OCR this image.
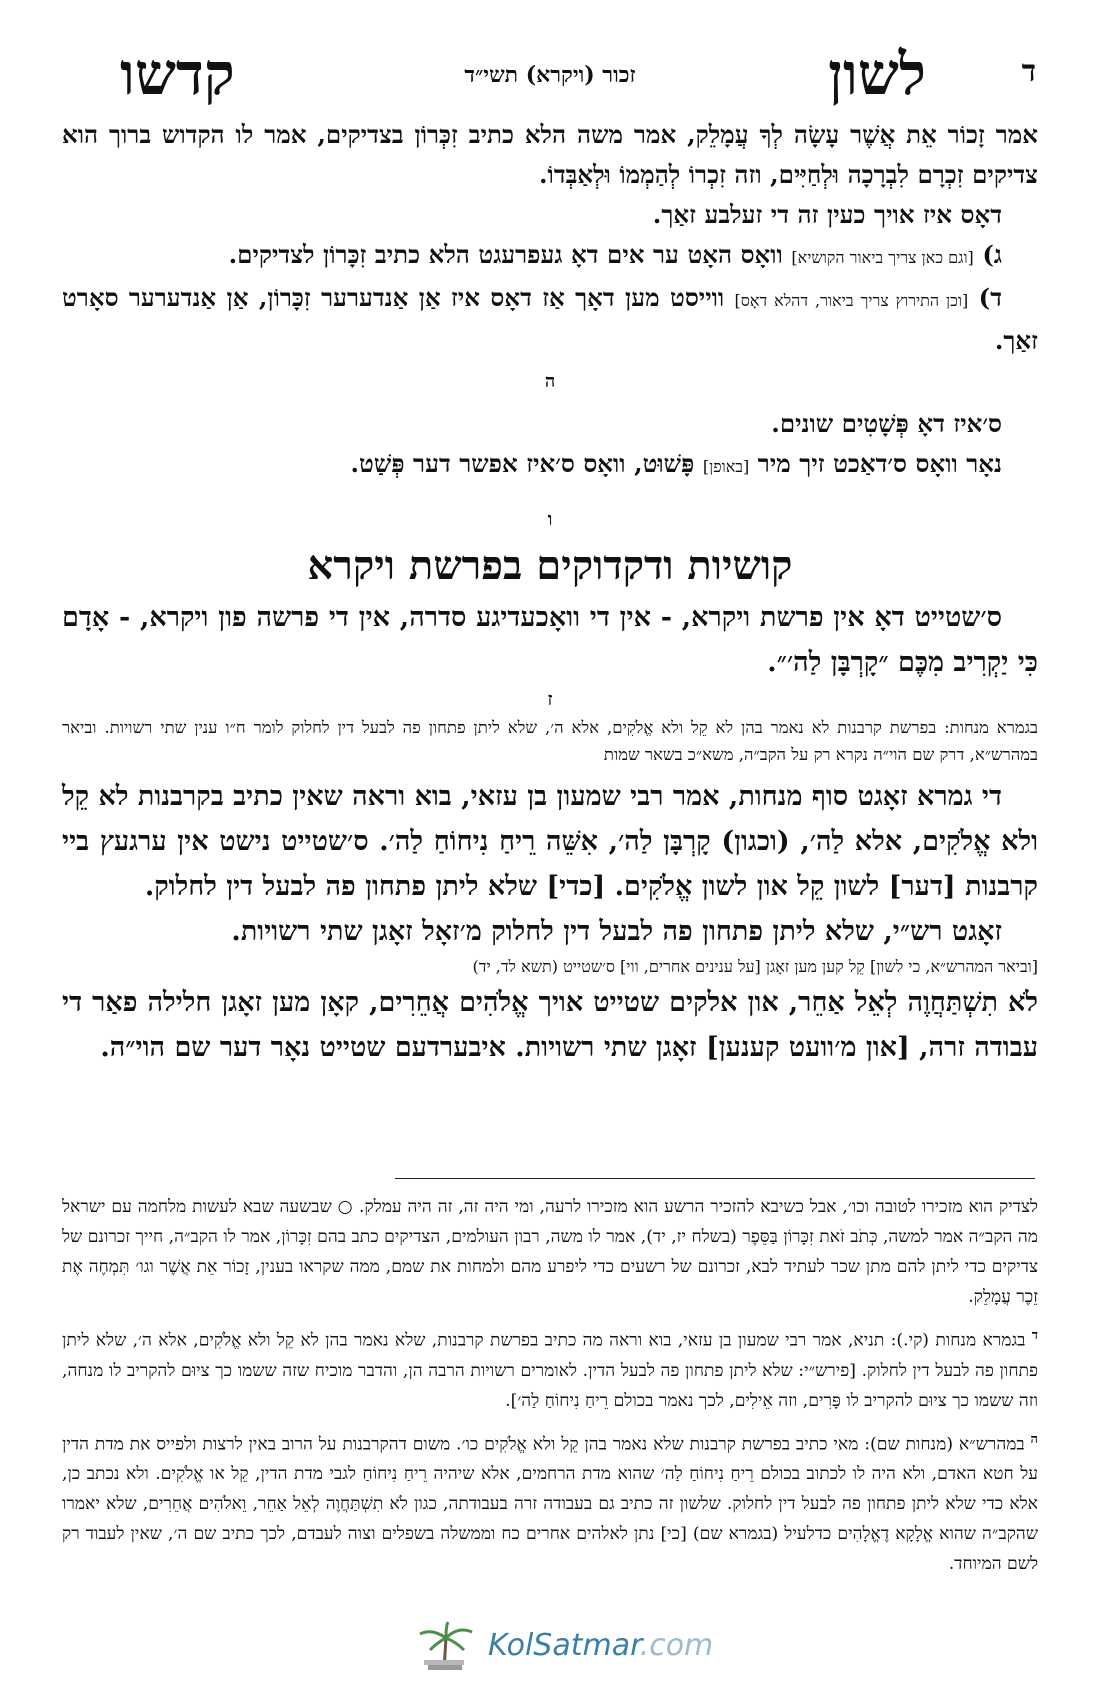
ד
לשון
זכור (ויקרא) תשי״ד
קדשו

אמר זָכוֹר אֵת אֲשֶׁר עָשָׂה לְךָ עֲמָלֵק, אמר משה הלא כתיב זִכְּרוֹן בצדיקים, אמר לו הקדוש ברוך הוא צדיקים זִכְרָם לִבְרָכָה וּלְחַיִּים, וזה זִכְרוֹ לְהַמְמוֹ וּלְאַבְּדוֹ.

דאָס איז אויך כעין זה די זעלבע זאַך.

ג) [וגם כאן צריך ביאור הקושיא] וואָס האָט ער אים דאָ געפרעגט הלא כתיב זִכָּרוֹן לצדיקים.

ד) [וכן התירוץ צריך ביאור, דהלא דאָס] ווייסט מען דאָך אַז דאָס איז אַן אַנדערער זִכָּרוֹן, אַן אַנדערער סאָרט זאַך.

ה

ס׳איז דאָ פְּשָׁטִים שונים.

נאָר וואָס ס׳דאַכט זיך מיר [באופן] פָּשׁוּט, וואָס ס׳איז אפשר דער פְּשַׁט.

ו
קושיות ודקדוקים בפרשת ויקרא

ס׳שטייט דאָ אין פרשת ויקרא, - אין די וואָכעדיגע סדרה, אין די פרשה פון ויקרא, - אָדָם כִּי יַקְרִיב מִכֶּם ״קָרְבָּן לַה׳״.

ז
בגמרא מנחות: בפרשת קרבנות לא נאמר בהן לא קֵל ולא אֱלֹקִים, אלא ה׳, שלא ליתן פתחון פה לבעל דין לחלוק לומר ח״ו ענין שתי רשויות. וביאר במהרש״א, דרק שם הוי״ה נקרא רק על הקב״ה, משא״כ בשאר שמות

די גמרא זאָגט סוף מנחות, אמר רבי שמעון בן עזאי, בוא וראה שאין כתיב בקרבנות לא קֵל ולא אֱלֹקִים, אלא לַה׳, (וכגון) קָרְבָּן לַה׳, אִשֵּׁה רֵיחַ נִיחוֹחַ לַה׳. ס׳שטייט נישט אין ערגעץ ביי קרבנות [דער] לשון קֵל און לשון אֱלֹקִים. [כדי] שלא ליתן פתחון פה לבעל דין לחלוק.

זאָגט רש״י, שלא ליתן פתחון פה לבעל דין לחלוק מ׳זאָל זאָגן שתי רשויות.

[וביאר המהרש״א, כי לשון] קֵל קען מען זאָגן [על ענינים אחרים, ווי] ס׳שטייט (תשא לד, יד)

לֹא תִשְׁתַּחֲוֶה לְאֵל אַחֵר, און אלקים שטייט אויך אֱלֹהִים אֲחֵרִים, קאָן מען זאָגן חלילה פאַר די עבודה זרה, [און מ׳וועט קענען] זאָגן שתי רשויות. איבערדעם שטייט נאָר דער שם הוי״ה.

לצדיק הוא מזכירו לטובה וכו׳, אבל כשיבא להזכיר הרשע הוא מזכירו לרעה, ומי היה זה, זה היה עמלק. ○ שבשעה שבא לעשות מלחמה עם ישראל מה הקב״ה אמר למשה, כְּתֹב זֹאת זִכָּרוֹן בַּסֵּפֶר (בשלח יז, יד), אמר לו משה, רבון העולמים, הצדיקים כתב בהם זִכָּרוֹן, אמר לו הקב״ה, חייך זכרונם של צדיקים כדי ליתן להם מתן שכר לעתיד לבא, זכרונם של רשעים כדי ליפרע מהם ולמחות את שמם, ממה שקראו בענין, זָכוֹר אֵת אֲשֶׁר וגו׳ תִּמְחֶה אֶת זֵכֶר עֲמָלֵק.

$^ד$ בגמרא מנחות (קי.): תניא, אמר רבי שמעון בן עזאי, בוא וראה מה כתיב בפרשת קרבנות, שלא נאמר בהן לא קֵל ולא אֱלֹקִים, אלא ה׳, שלא ליתן פתחון פה לבעל דין לחלוק. [פירש״י: שלא ליתן פתחון פה לבעל הדין. לאומרים רשויות הרבה הן, והדבר מוכיח שזה ששמו כך ציוּם להקריב לו מנחה, וזה ששמו כך ציוּם להקריב לו פָּרִים, וזה אֵילִים, לכך נאמר בכולם רֵיחַ נִיחוֹחַ לַה׳].

$^ה$ במהרש״א (מנחות שם): מאי כתיב בפרשת קרבנות שלא נאמר בהן קֵל ולא אֱלֹקִים כו׳. משום דהקרבנות על הרוב באין לרצות ולפייס את מדת הדין על חטא האדם, ולא היה לו לכתוב בכולם רֵיחַ נִיחוֹחַ לַה׳ שהוא מדת הרחמים, אלא שיהיה רֵיחַ נִיחוֹחַ לגבי מדת הדין, קֵל או אֱלֹקִים. ולא נכתב כן, אלא כדי שלא ליתן פתחון פה לבעל דין לחלוק. שלשון זה כתיב גם בעבודה זרה בעבודתה, כגון לֹא תִשְׁתַּחֲוֶה לְאֵל אַחֵר, וֵאלֹהִים אֲחֵרִים, שלא יאמרו שהקב״ה שהוא אֱלָקָא דֶאֱלָהִים כדלעיל (בגמרא שם) [כי] נתן לאלהים אחרים כח וממשלה בשפלים וצוה לעבדם, לכך כתיב שם ה׳, שאין לעבוד רק לשם המיוחד.

KolSatmar.com
